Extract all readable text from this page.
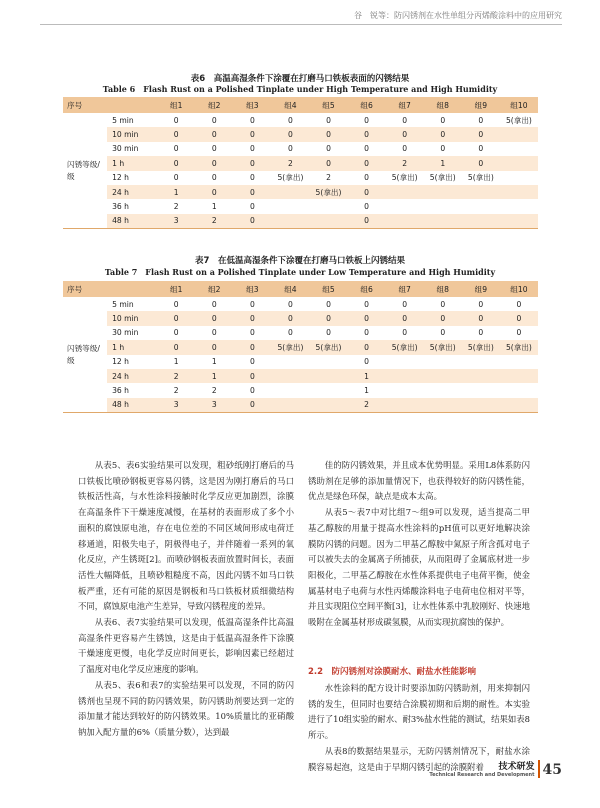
谷　锐等：防闪锈剂在水性单组分丙烯酸涂料中的应用研究
表6　高温高湿条件下涂覆在打磨马口铁板表面的闪锈结果
Table 6　Flash Rust on a Polished Tinplate under High Temperature and High Humidity
序号		组1	组2	组3	组4	组5	组6	组7	组8	组9	组10
闪锈等级/级	5 min	0	0	0	0	0	0	0	0	0	5(拿出)
	10 min	0	0	0	0	0	0	0	0	0	
	30 min	0	0	0	0	0	0	0	0	0	
	1 h	0	0	0	2	0	0	2	1	0	
	12 h	0	0	0	5(拿出)	2	0	5(拿出)	5(拿出)	5(拿出)	
	24 h	1	0	0		5(拿出)	0				
	36 h	2	1	0			0				
	48 h	3	2	0			0				
表7　在低温高湿条件下涂覆在打磨马口铁板上闪锈结果
Table 7　Flash Rust on a Polished Tinplate under Low Temperature and High Humidity
序号		组1	组2	组3	组4	组5	组6	组7	组8	组9	组10
闪锈等级/级	5 min	0	0	0	0	0	0	0	0	0	0
	10 min	0	0	0	0	0	0	0	0	0	0
	30 min	0	0	0	0	0	0	0	0	0	0
	1 h	0	0	0	5(拿出)	5(拿出)	0	5(拿出)	5(拿出)	5(拿出)	5(拿出)
	12 h	1	1	0			0				
	24 h	2	1	0			1				
	36 h	2	2	0			1				
	48 h	3	3	0			2				

从表5、表6实验结果可以发现，粗砂纸刚打磨后的马口铁板比喷砂钢板更容易闪锈，这是因为刚打磨后的马口铁板活性高，与水性涂料接触时化学反应更加剧烈，涂膜在高温条件下干燥速度减慢，在基材的表面形成了多个小面积的腐蚀原电池，存在电位差的不同区域间形成电荷迁移通道，阳极失电子，阴极得电子，并伴随着一系列的氧化反应，产生锈斑[2]。而喷砂钢板表面放置时间长，表面活性大幅降低，且喷砂粗糙度不高，因此闪锈不如马口铁板严重，还有可能的原因是钢板和马口铁板材质细微结构不同，腐蚀原电池产生差异，导致闪锈程度的差异。

从表6、表7实验结果可以发现，低温高湿条件比高温高湿条件更容易产生锈蚀，这是由于低温高湿条件下涂膜干燥速度更慢，电化学反应时间更长，影响因素已经超过了温度对电化学反应速度的影响。

从表5、表6和表7的实验结果可以发现，不同的防闪锈剂也呈现不同的防闪锈效果，防闪锈助剂要达到一定的添加量才能达到较好的防闪锈效果。10%质量比的亚硝酸钠加入配方量的6%（质量分数），达到最

佳的防闪锈效果，并且成本优势明显。采用L8体系防闪锈助剂在足够的添加量情况下，也获得较好的防闪锈性能，优点是绿色环保，缺点是成本太高。

从表5～表7中对比组7～组9可以发现，适当提高二甲基乙醇胺的用量于提高水性涂料的pH值可以更好地解决涂膜防闪锈的问题。因为二甲基乙醇胺中氮原子所含孤对电子可以被失去的金属离子所捕获，从而阻碍了金属底材进一步阳极化，二甲基乙醇胺在水性体系提供电子电荷平衡，使金属基材电子电荷与水性丙烯酸涂料电子电荷电位相对平等，并且实现阻位空间平衡[3]，让水性体系中乳胶刚好、快速地吸附在金属基材形成碳氢膜，从而实现抗腐蚀的保护。

2.2　防闪锈剂对涂膜耐水、耐盐水性能影响

水性涂料的配方设计时要添加防闪锈助剂，用来抑制闪锈的发生，但同时也要结合涂膜初期和后期的耐性。本实验进行了10组实验的耐水、耐3%盐水性能的测试，结果如表8所示。

从表8的数据结果显示，无防闪锈剂情况下，耐盐水涂膜容易起泡，这是由于早期闪锈引起的涂膜附着	技术研发
Technical Research and Development 45
